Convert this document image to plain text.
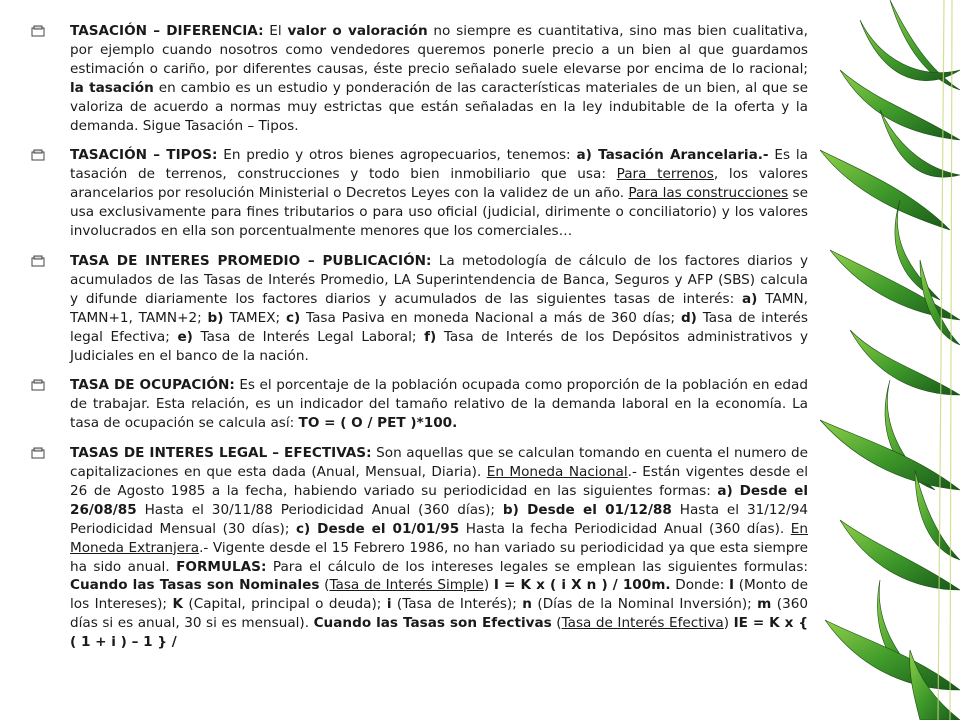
TASACIÓN – DIFERENCIA: El valor o valoración no siempre es cuantitativa, sino mas bien cualitativa, por ejemplo cuando nosotros como vendedores queremos ponerle precio a un bien al que guardamos estimación o cariño, por diferentes causas, éste precio señalado suele elevarse por encima de lo racional; la tasación en cambio es un estudio y ponderación de las características materiales de un bien, al que se valoriza de acuerdo a normas muy estrictas que están señaladas en la ley indubitable de la oferta y la demanda. Sigue Tasación – Tipos.

TASACIÓN – TIPOS: En predio y otros bienes agropecuarios, tenemos: a) Tasación Arancelaria.- Es la tasación de terrenos, construcciones y todo bien inmobiliario que usa: Para terrenos, los valores arancelarios por resolución Ministerial o Decretos Leyes con la validez de un año. Para las construcciones se usa exclusivamente para fines tributarios o para uso oficial (judicial, dirimente o conciliatorio) y los valores involucrados en ella son porcentualmente menores que los comerciales…

TASA DE INTERES PROMEDIO – PUBLICACIÓN: La metodología de cálculo de los factores diarios y acumulados de las Tasas de Interés Promedio, LA Superintendencia de Banca, Seguros y AFP (SBS) calcula y difunde diariamente los factores diarios y acumulados de las siguientes tasas de interés: a) TAMN, TAMN+1, TAMN+2; b) TAMEX; c) Tasa Pasiva en moneda Nacional a más de 360 días; d) Tasa de interés legal Efectiva; e) Tasa de Interés Legal Laboral; f) Tasa de Interés de los Depósitos administrativos y Judiciales en el banco de la nación.

TASA DE OCUPACIÓN: Es el porcentaje de la población ocupada como proporción de la población en edad de trabajar. Esta relación, es un indicador del tamaño relativo de la demanda laboral en la economía. La tasa de ocupación se calcula así: TO = ( O / PET )*100.

TASAS DE INTERES LEGAL – EFECTIVAS: Son aquellas que se calculan tomando en cuenta el numero de capitalizaciones en que esta dada (Anual, Mensual, Diaria). En Moneda Nacional.- Están vigentes desde el 26 de Agosto 1985 a la fecha, habiendo variado su periodicidad en las siguientes formas: a) Desde el 26/08/85 Hasta el 30/11/88 Periodicidad Anual (360 días); b) Desde el 01/12/88 Hasta el 31/12/94 Periodicidad Mensual (30 días); c) Desde el 01/01/95 Hasta la fecha Periodicidad Anual (360 días). En Moneda Extranjera.- Vigente desde el 15 Febrero 1986, no han variado su periodicidad ya que esta siempre ha sido anual. FORMULAS: Para el cálculo de los intereses legales se emplean las siguientes formulas: Cuando las Tasas son Nominales (Tasa de Interés Simple) I = K x ( i X n ) / 100m. Donde: I (Monto de los Intereses); K (Capital, principal o deuda); i (Tasa de Interés); n (Días de la Nominal Inversión); m (360 días si es anual, 30 si es mensual). Cuando las Tasas son Efectivas (Tasa de Interés Efectiva) IE = K x { ( 1 + i ) – 1 } /
